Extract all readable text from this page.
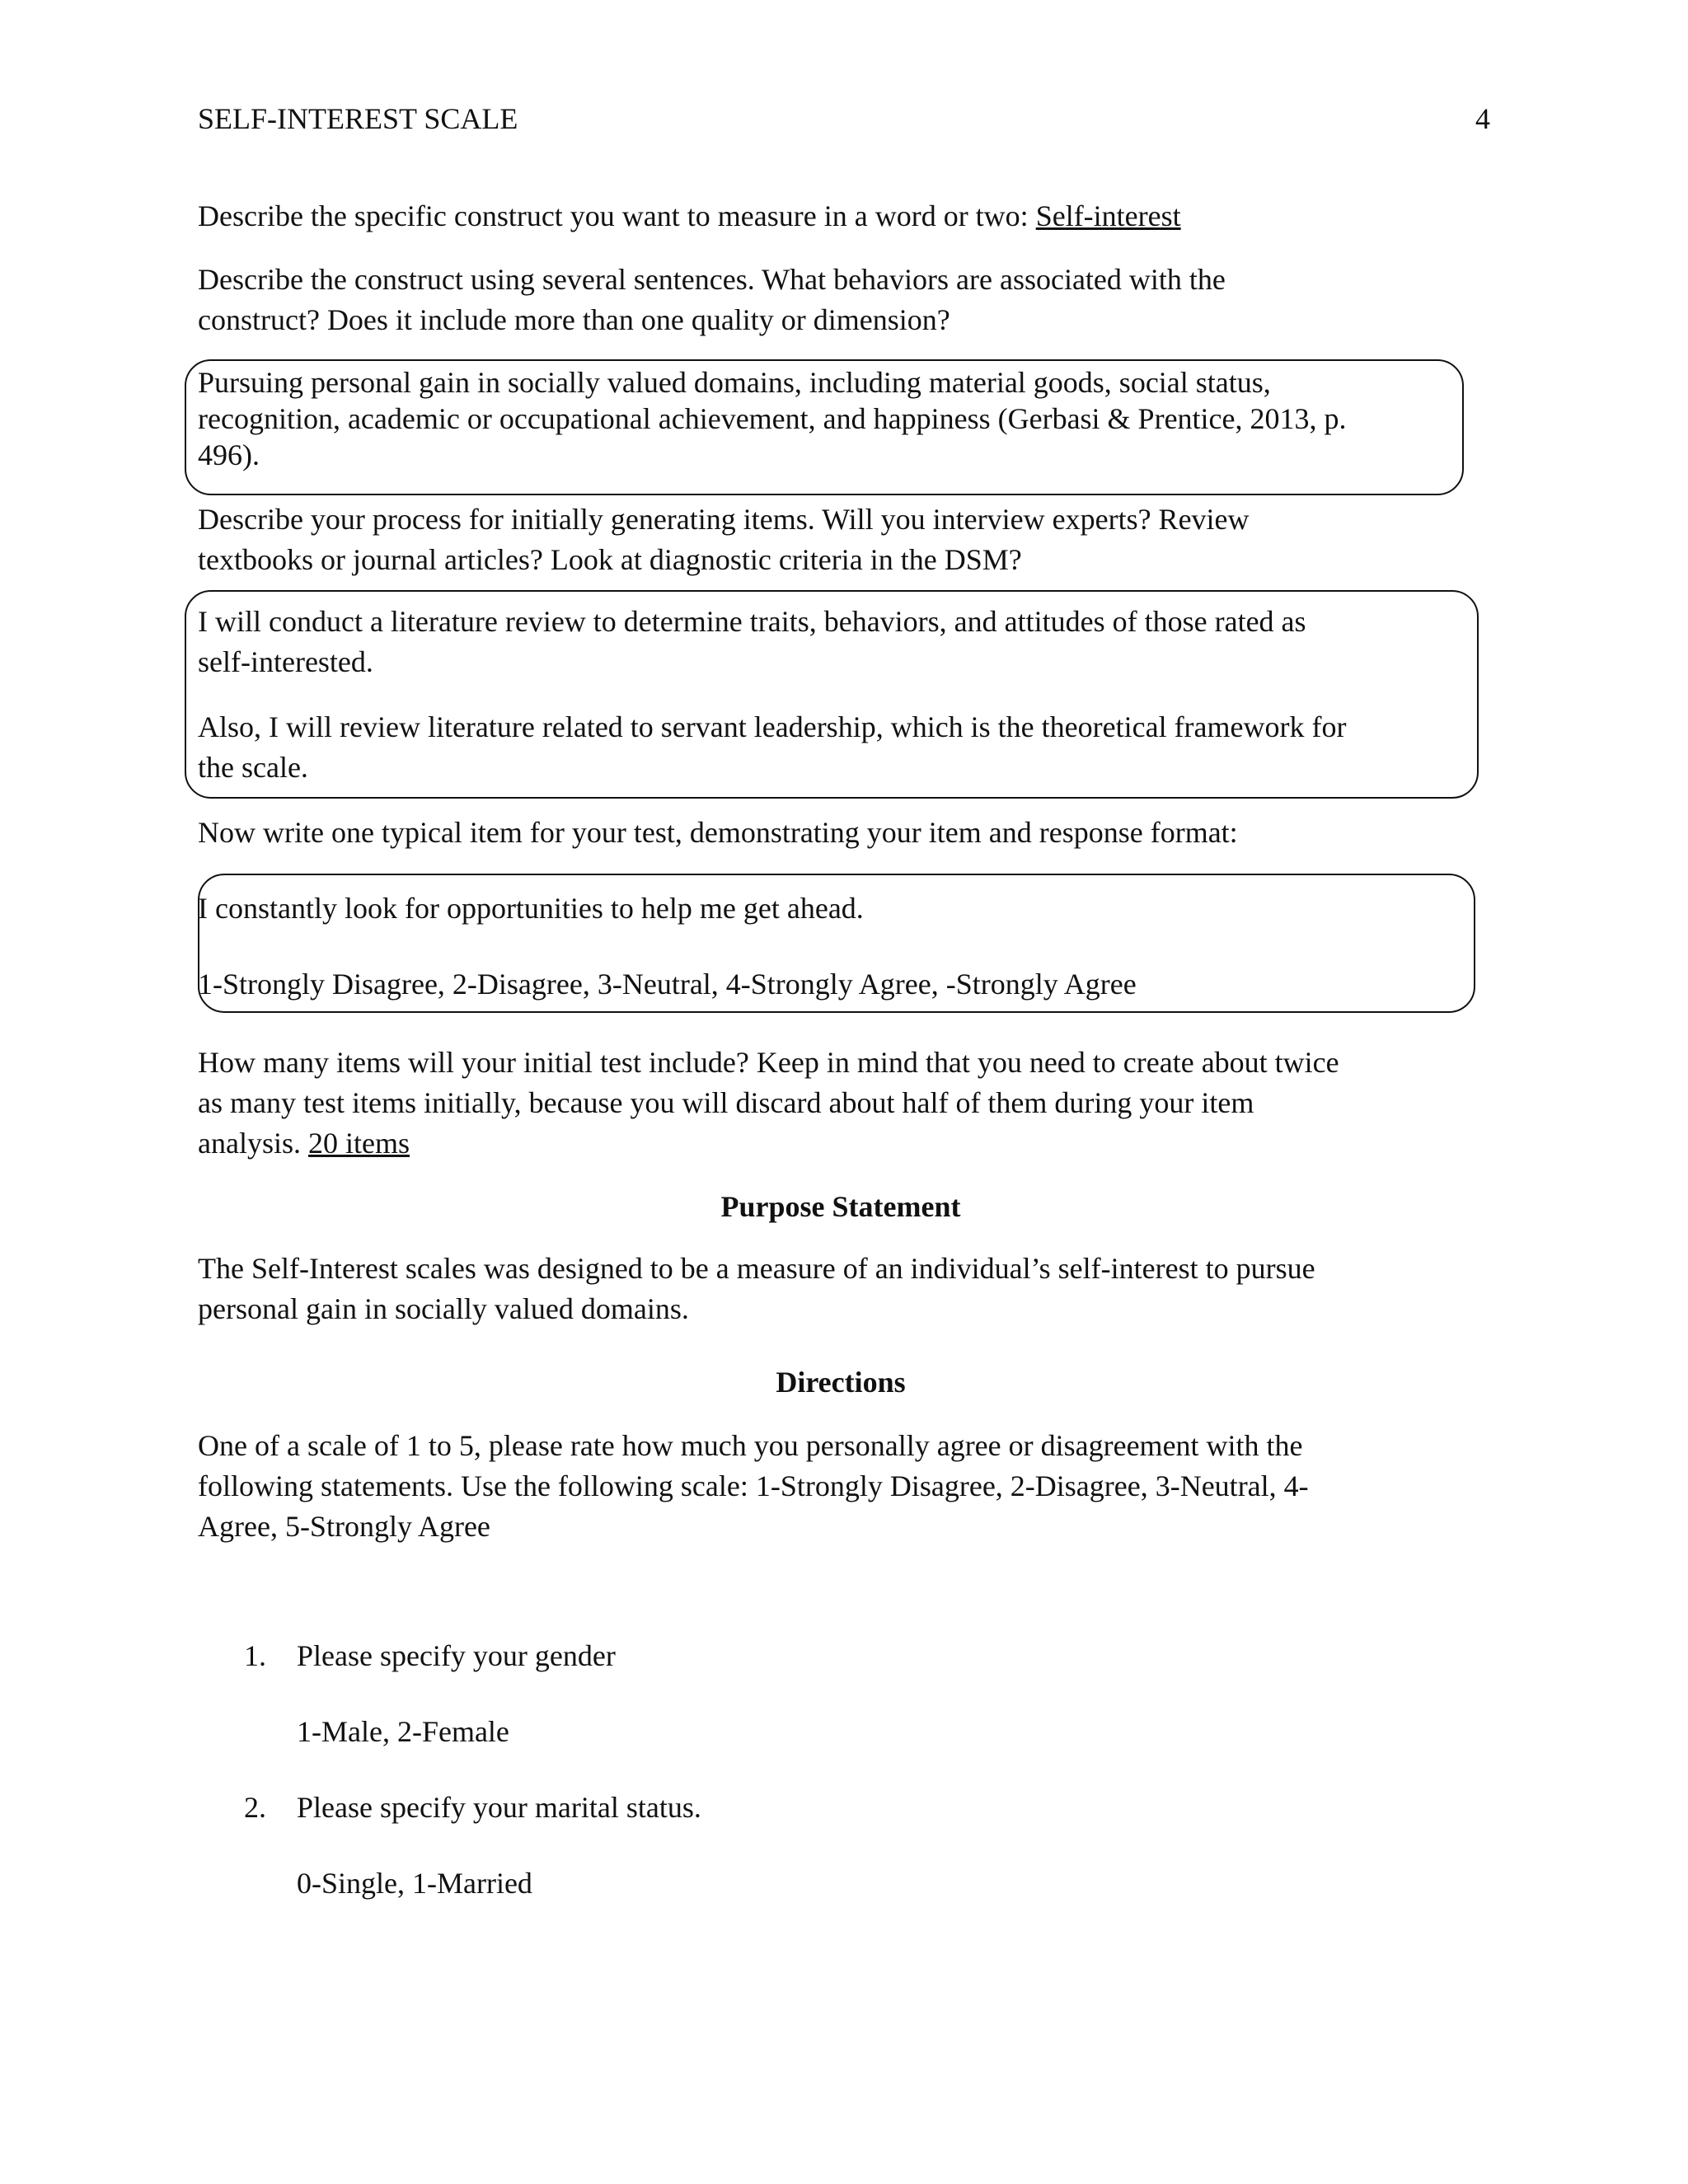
SELF-INTEREST SCALE	4
Describe the specific construct you want to measure in a word or two: Self-interest
Describe the construct using several sentences. What behaviors are associated with the
construct? Does it include more than one quality or dimension?
Pursuing personal gain in socially valued domains, including material goods, social status,
recognition, academic or occupational achievement, and happiness (Gerbasi & Prentice, 2013, p.
496).
Describe your process for initially generating items. Will you interview experts? Review
textbooks or journal articles? Look at diagnostic criteria in the DSM?
I will conduct a literature review to determine traits, behaviors, and attitudes of those rated as
self-interested.
Also, I will review literature related to servant leadership, which is the theoretical framework for
the scale.
Now write one typical item for your test, demonstrating your item and response format:
I constantly look for opportunities to help me get ahead.
1-Strongly Disagree, 2-Disagree, 3-Neutral, 4-Strongly Agree, -Strongly Agree
How many items will your initial test include? Keep in mind that you need to create about twice
as many test items initially, because you will discard about half of them during your item
analysis. 20 items
Purpose Statement
The Self-Interest scales was designed to be a measure of an individual’s self-interest to pursue
personal gain in socially valued domains.
Directions
One of a scale of 1 to 5, please rate how much you personally agree or disagreement with the
following statements. Use the following scale: 1-Strongly Disagree, 2-Disagree, 3-Neutral, 4-
Agree, 5-Strongly Agree
1. Please specify your gender
1-Male, 2-Female
2. Please specify your marital status.
0-Single, 1-Married
